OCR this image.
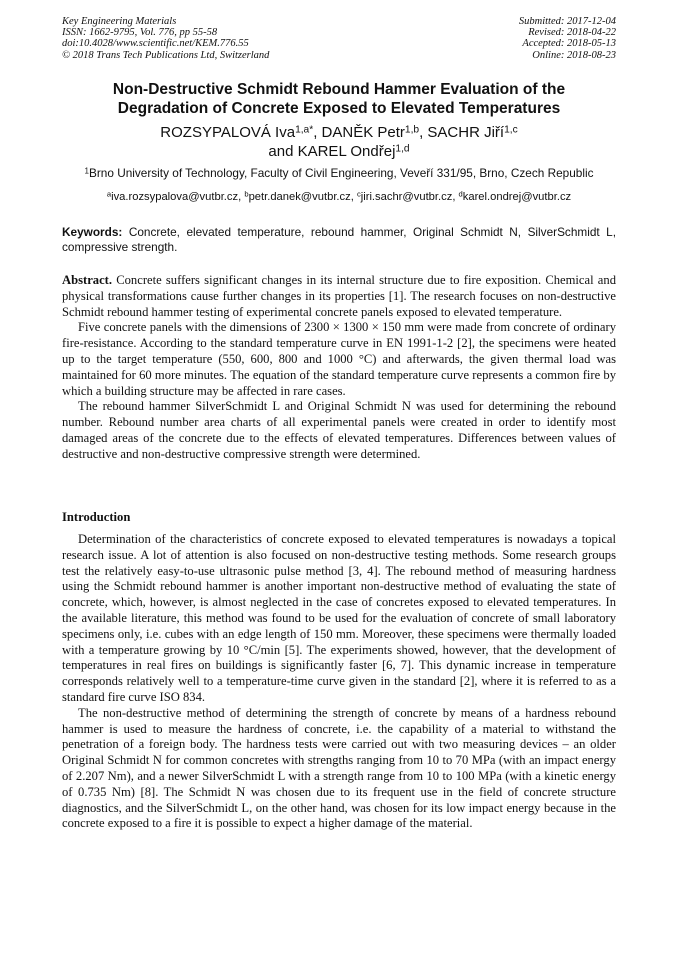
Key Engineering Materials
ISSN: 1662-9795, Vol. 776, pp 55-58
doi:10.4028/www.scientific.net/KEM.776.55
© 2018 Trans Tech Publications Ltd, Switzerland
Submitted: 2017-12-04
Revised: 2018-04-22
Accepted: 2018-05-13
Online: 2018-08-23
Non-Destructive Schmidt Rebound Hammer Evaluation of the
Degradation of Concrete Exposed to Elevated Temperatures
ROZSYPALOVÁ Iva$^{1,a*}$, DANĚK Petr$^{1,b}$, SACHR Jiří$^{1,c}$
and KAREL Ondřej$^{1,d}$
$^1$Brno University of Technology, Faculty of Civil Engineering, Veveří 331/95, Brno, Czech Republic
$^a$iva.rozsypalova@vutbr.cz, $^b$petr.danek@vutbr.cz, $^c$jiri.sachr@vutbr.cz, $^d$karel.ondrej@vutbr.cz
Keywords: Concrete, elevated temperature, rebound hammer, Original Schmidt N, SilverSchmidt L, compressive strength.

Abstract. Concrete suffers significant changes in its internal structure due to fire exposition. Chemical and physical transformations cause further changes in its properties [1]. The research focuses on non-destructive Schmidt rebound hammer testing of experimental concrete panels exposed to elevated temperature.

Five concrete panels with the dimensions of 2300 × 1300 × 150 mm were made from concrete of ordinary fire-resistance. According to the standard temperature curve in EN 1991-1-2 [2], the specimens were heated up to the target temperature (550, 600, 800 and 1000 °C) and afterwards, the given thermal load was maintained for 60 more minutes. The equation of the standard temperature curve represents a common fire by which a building structure may be affected in rare cases.

The rebound hammer SilverSchmidt L and Original Schmidt N was used for determining the rebound number. Rebound number area charts of all experimental panels were created in order to identify most damaged areas of the concrete due to the effects of elevated temperatures. Differences between values of destructive and non-destructive compressive strength were determined.

Introduction

Determination of the characteristics of concrete exposed to elevated temperatures is nowadays a topical research issue. A lot of attention is also focused on non-destructive testing methods. Some research groups test the relatively easy-to-use ultrasonic pulse method [3, 4]. The rebound method of measuring hardness using the Schmidt rebound hammer is another important non-destructive method of evaluating the state of concrete, which, however, is almost neglected in the case of concretes exposed to elevated temperatures. In the available literature, this method was found to be used for the evaluation of concrete of small laboratory specimens only, i.e. cubes with an edge length of 150 mm. Moreover, these specimens were thermally loaded with a temperature growing by 10 °C/min [5]. The experiments showed, however, that the development of temperatures in real fires on buildings is significantly faster [6, 7]. This dynamic increase in temperature corresponds relatively well to a temperature-time curve given in the standard [2], where it is referred to as a standard fire curve ISO 834.

The non-destructive method of determining the strength of concrete by means of a hardness rebound hammer is used to measure the hardness of concrete, i.e. the capability of a material to withstand the penetration of a foreign body. The hardness tests were carried out with two measuring devices – an older Original Schmidt N for common concretes with strengths ranging from 10 to 70 MPa (with an impact energy of 2.207 Nm), and a newer SilverSchmidt L with a strength range from 10 to 100 MPa (with a kinetic energy of 0.735 Nm) [8]. The Schmidt N was chosen due to its frequent use in the field of concrete structure diagnostics, and the SilverSchmidt L, on the other hand, was chosen for its low impact energy because in the concrete exposed to a fire it is possible to expect a higher damage of the material.
